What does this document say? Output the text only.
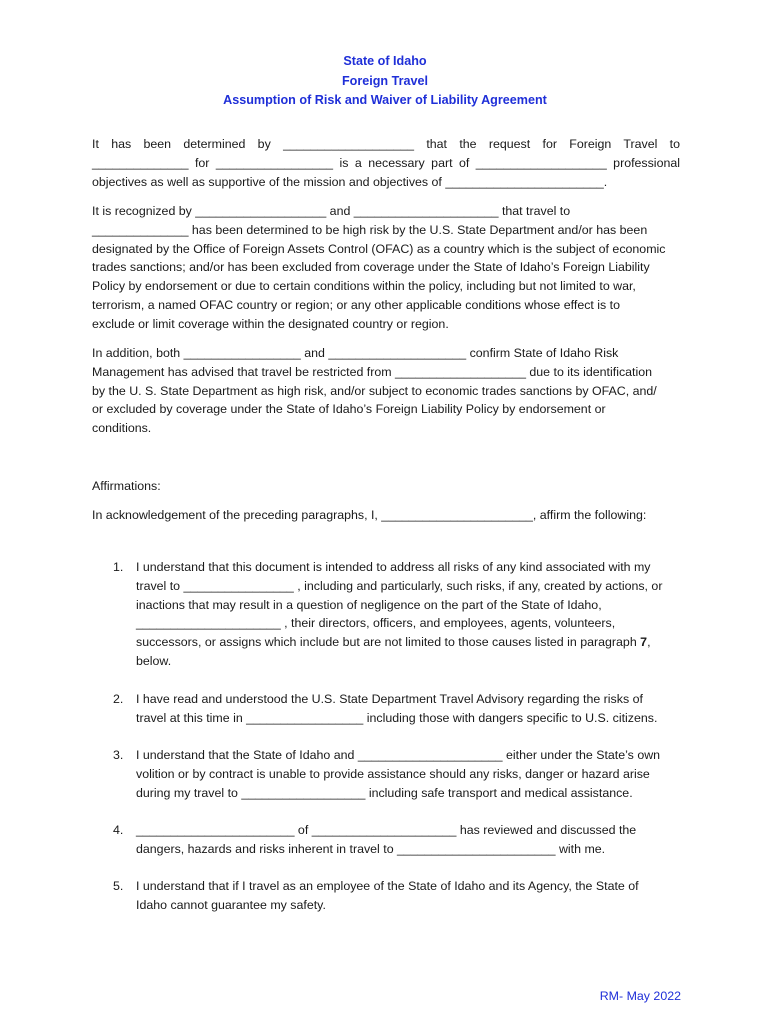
State of Idaho
Foreign Travel
Assumption of Risk and Waiver of Liability Agreement
It has been determined by ___________________ that the request for Foreign Travel to
______________ for _________________ is a necessary part of ___________________ professional
objectives as well as supportive of the mission and objectives of _______________________.
It is recognized by ___________________ and _____________________ that travel to
______________ has been determined to be high risk by the U.S. State Department and/or has been
designated by the Office of Foreign Assets Control (OFAC) as a country which is the subject of economic
trades sanctions; and/or has been excluded from coverage under the State of Idaho’s Foreign Liability
Policy by endorsement or due to certain conditions within the policy, including but not limited to war,
terrorism, a named OFAC country or region; or any other applicable conditions whose effect is to
exclude or limit coverage within the designated country or region.
In addition, both _________________ and ____________________ confirm State of Idaho Risk
Management has advised that travel be restricted from ___________________ due to its identification
by the U. S. State Department as high risk, and/or subject to economic trades sanctions by OFAC, and/
or excluded by coverage under the State of Idaho’s Foreign Liability Policy by endorsement or
conditions.
Affirmations:
In acknowledgement of the preceding paragraphs, I, ______________________, affirm the following:
1.	I understand that this document is intended to address all risks of any kind associated with my
travel to ________________ , including and particularly, such risks, if any, created by actions, or
inactions that may result in a question of negligence on the part of the State of Idaho,
_____________________ , their directors, officers, and employees, agents, volunteers,
successors, or assigns which include but are not limited to those causes listed in paragraph 7,
below.
2.	I have read and understood the U.S. State Department Travel Advisory regarding the risks of
travel at this time in _________________ including those with dangers specific to U.S. citizens.
3.	I understand that the State of Idaho and _____________________ either under the State’s own
volition or by contract is unable to provide assistance should any risks, danger or hazard arise
during my travel to __________________ including safe transport and medical assistance.
4.	_______________________ of _____________________ has reviewed and discussed the
dangers, hazards and risks inherent in travel to _______________________ with me.
5.	I understand that if I travel as an employee of the State of Idaho and its Agency, the State of
Idaho cannot guarantee my safety.
RM- May 2022
